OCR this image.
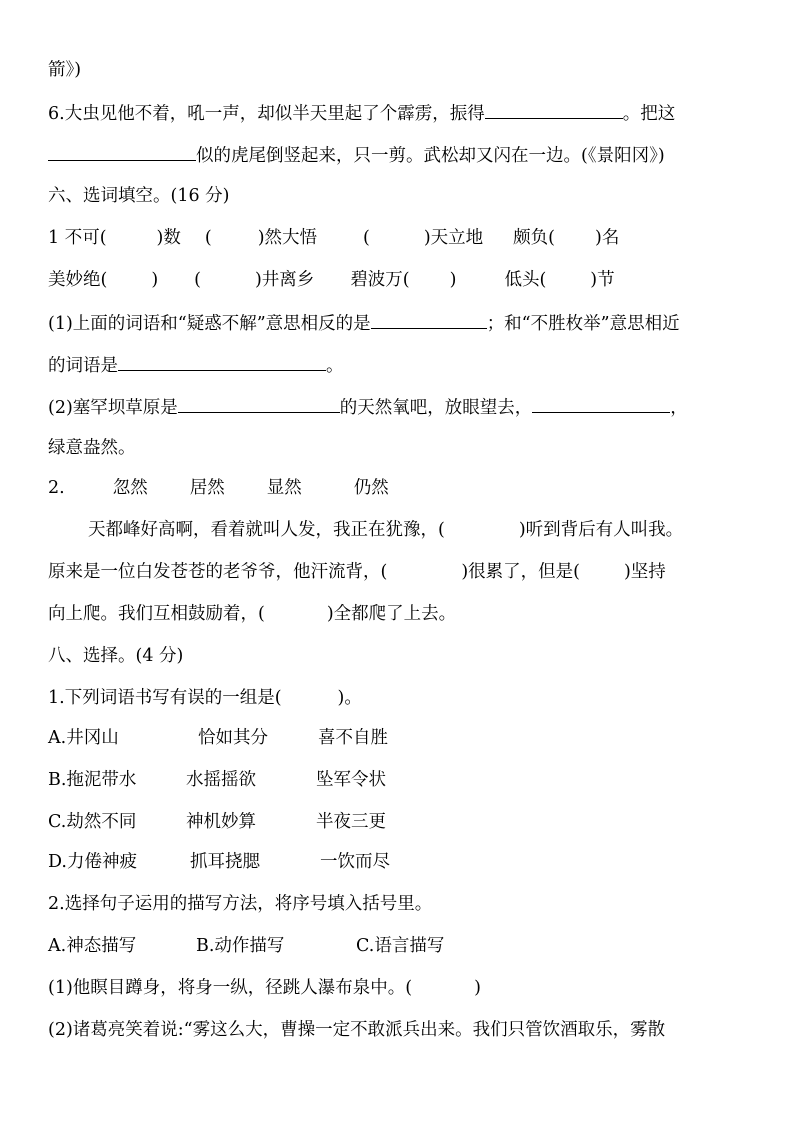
箭》)
6.大虫见他不着，吼一声，却似半天里起了个霹雳，振得	。把这
似的虎尾倒竖起来，只一剪。武松却又闪在一边。(《景阳冈》)
六、选词填空。(16 分)
1 不可(	)数 (	)然大悟	(	)天立地 颇负( )名
美妙绝(	) (	)井离乡 碧波万( )	低头(	)节
(1)上面的词语和“疑惑不解”意思相反的是	；和“不胜枚举”意思相近
的词语是	。
(2)塞罕坝草原是	的天然氧吧，放眼望去，	，
绿意盎然。
2.	忽然 居然 显然	仍然
天都峰好高啊，看着就叫人发，我正在犹豫，(	)听到背后有人叫我。
原来是一位白发苍苍的老爷爷，他汗流背，(	)很累了，但是(	)坚持
向上爬。我们互相鼓励着，(	)全都爬了上去。
八、选择。(4 分)
1.下列词语书写有误的一组是(	)。
A.井冈山	恰如其分	喜不自胜
B.拖泥带水	水摇摇欲	坠军令状
C.劫然不同	神机妙算	半夜三更
D.力倦神疲	抓耳挠腮	一饮而尽
2.选择句子运用的描写方法，将序号填入括号里。
A.神态描写	B.动作描写	C.语言描写
(1)他瞑目蹲身，将身一纵，径跳人瀑布泉中。(	)
(2)诸葛亮笑着说:“雾这么大，曹操一定不敢派兵出来。我们只管饮酒取乐，雾散
